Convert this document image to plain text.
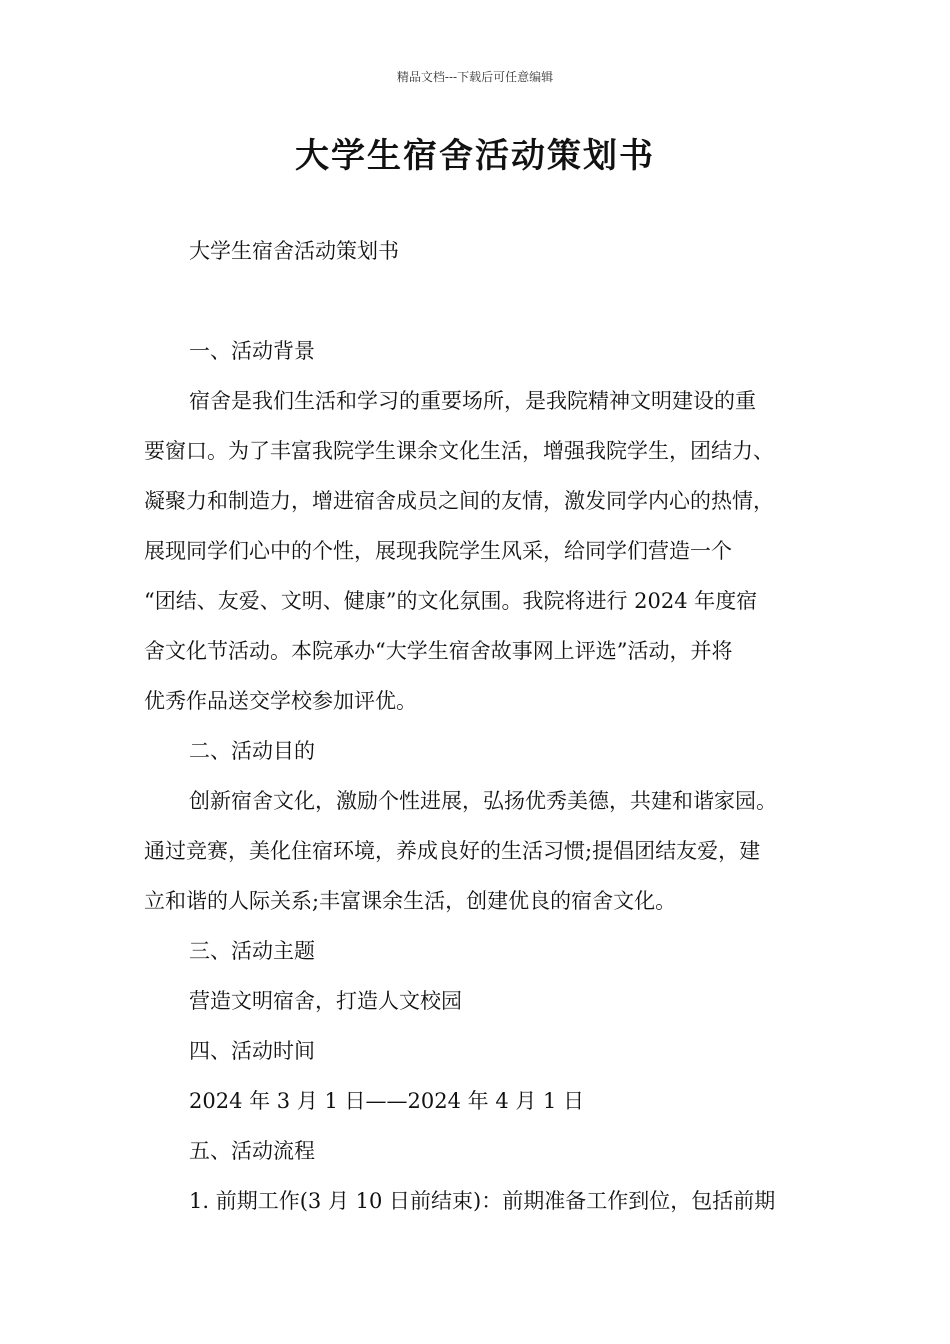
精品文档---下载后可任意编辑
大学生宿舍活动策划书
大学生宿舍活动策划书
一、活动背景
宿舍是我们生活和学习的重要场所，是我院精神文明建设的重
要窗口。为了丰富我院学生课余文化生活，增强我院学生，团结力、
凝聚力和制造力，增进宿舍成员之间的友情，激发同学内心的热情，
展现同学们心中的个性，展现我院学生风采，给同学们营造一个
“团结、友爱、文明、健康”的文化氛围。我院将进行 2024 年度宿
舍文化节活动。本院承办“大学生宿舍故事网上评选”活动，并将
优秀作品送交学校参加评优。
二、活动目的
创新宿舍文化，激励个性进展，弘扬优秀美德，共建和谐家园。
通过竞赛，美化住宿环境，养成良好的生活习惯;提倡团结友爱，建
立和谐的人际关系;丰富课余生活，创建优良的宿舍文化。
三、活动主题
营造文明宿舍，打造人文校园
四、活动时间
2024 年 3 月 1 日——2024 年 4 月 1 日
五、活动流程
1. 前期工作(3 月 10 日前结束)：前期准备工作到位，包括前期
